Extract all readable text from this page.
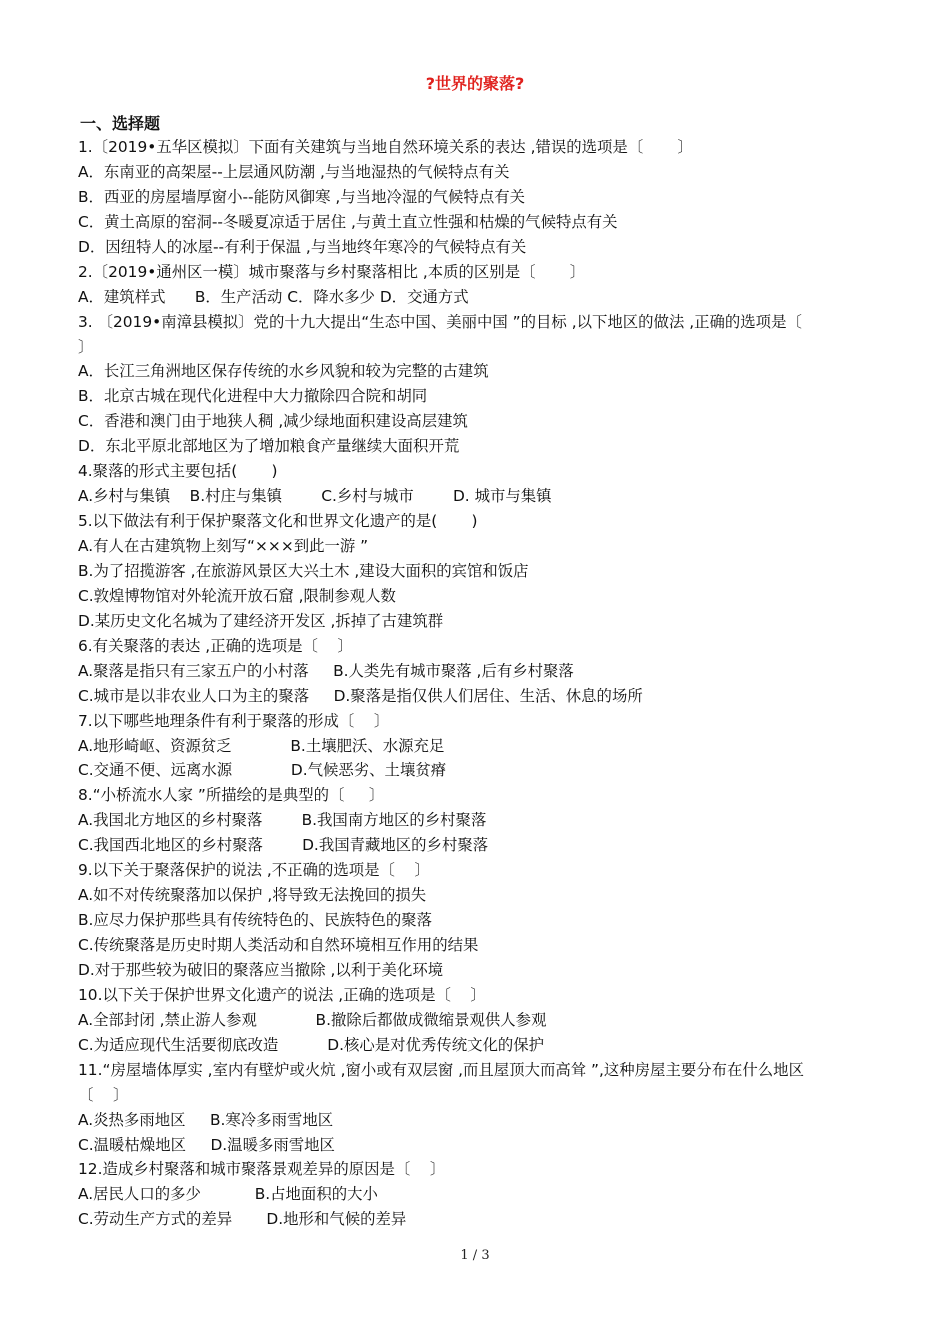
?世界的聚落?
一、选择题
1.〔2019•五华区模拟〕下面有关建筑与当地自然环境关系的表达 ,错误的选项是〔       〕
A．东南亚的高架屋--上层通风防潮 ,与当地湿热的气候特点有关
B．西亚的房屋墙厚窗小--能防风御寒 ,与当地冷湿的气候特点有关
C．黄土高原的窑洞--冬暖夏凉适于居住 ,与黄土直立性强和枯燥的气候特点有关
D．因纽特人的冰屋--有利于保温 ,与当地终年寒冷的气候特点有关
2.〔2019•通州区一模〕城市聚落与乡村聚落相比 ,本质的区别是〔       〕
A．建筑样式      B．生产活动 C．降水多少 D．交通方式
3. 〔2019•南漳县模拟〕党的十九大提出“生态中国、美丽中国 ”的目标 ,以下地区的做法 ,正确的选项是〔
〕
A．长江三角洲地区保存传统的水乡风貌和较为完整的古建筑
B．北京古城在现代化进程中大力撤除四合院和胡同
C．香港和澳门由于地狭人稠 ,减少绿地面积建设高层建筑
D．东北平原北部地区为了增加粮食产量继续大面积开荒
4.聚落的形式主要包括(       )
A.乡村与集镇    B.村庄与集镇        C.乡村与城市        D. 城市与集镇
5.以下做法有利于保护聚落文化和世界文化遗产的是(       )
A.有人在古建筑物上刻写“×××到此一游 ”
B.为了招揽游客 ,在旅游风景区大兴土木 ,建设大面积的宾馆和饭店
C.敦煌博物馆对外轮流开放石窟 ,限制参观人数
D.某历史文化名城为了建经济开发区 ,拆掉了古建筑群
6.有关聚落的表达 ,正确的选项是〔    〕
A.聚落是指只有三家五户的小村落     B.人类先有城市聚落 ,后有乡村聚落
C.城市是以非农业人口为主的聚落     D.聚落是指仅供人们居住、生活、休息的场所
7.以下哪些地理条件有利于聚落的形成〔    〕
A.地形崎岖、资源贫乏            B.土壤肥沃、水源充足
C.交通不便、远离水源            D.气候恶劣、土壤贫瘠
8.“小桥流水人家 ”所描绘的是典型的〔     〕
A.我国北方地区的乡村聚落        B.我国南方地区的乡村聚落
C.我国西北地区的乡村聚落        D.我国青藏地区的乡村聚落
9.以下关于聚落保护的说法 ,不正确的选项是〔    〕
A.如不对传统聚落加以保护 ,将导致无法挽回的损失
B.应尽力保护那些具有传统特色的、民族特色的聚落
C.传统聚落是历史时期人类活动和自然环境相互作用的结果
D.对于那些较为破旧的聚落应当撤除 ,以利于美化环境
10.以下关于保护世界文化遗产的说法 ,正确的选项是〔    〕
A.全部封闭 ,禁止游人参观            B.撤除后都做成微缩景观供人参观
C.为适应现代生活要彻底改造          D.核心是对优秀传统文化的保护
11.“房屋墙体厚实 ,室内有壁炉或火炕 ,窗小或有双层窗 ,而且屋顶大而高耸 ”,这种房屋主要分布在什么地区
〔    〕
A.炎热多雨地区     B.寒冷多雨雪地区
C.温暖枯燥地区     D.温暖多雨雪地区
12.造成乡村聚落和城市聚落景观差异的原因是〔    〕
A.居民人口的多少           B.占地面积的大小
C.劳动生产方式的差异       D.地形和气候的差异
1 / 3
